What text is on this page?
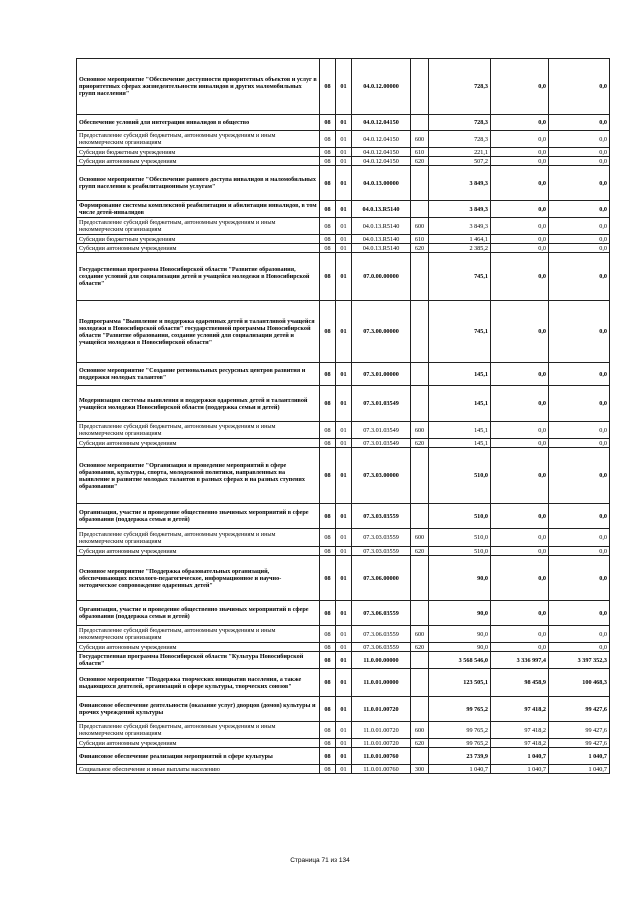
Основное мероприятие "Обеспечение доступности приоритетных объектов и услуг в приоритетных сферах жизнедеятельности инвалидов и других маломобильных групп населения"	08	01	04.0.12.00000		728,3	0,0	0,0
Обеспечение условий для интеграции инвалидов в общество	08	01	04.0.12.04150		728,3	0,0	0,0
Предоставление субсидий бюджетным, автономным учреждениям и иным некоммерческим организациям	08	01	04.0.12.04150	600	728,3	0,0	0,0
Субсидии бюджетным учреждениям	08	01	04.0.12.04150	610	221,1	0,0	0,0
Субсидии автономным учреждениям	08	01	04.0.12.04150	620	507,2	0,0	0,0
Основное мероприятие "Обеспечение равного доступа инвалидов и маломобильных групп населения к реабилитационным услугам"	08	01	04.0.13.00000		3 849,3	0,0	0,0
Формирование системы комплексной реабилитации и абилитации инвалидов, в том числе детей-инвалидов	08	01	04.0.13.R5140		3 849,3	0,0	0,0
Предоставление субсидий бюджетным, автономным учреждениям и иным некоммерческим организациям	08	01	04.0.13.R5140	600	3 849,3	0,0	0,0
Субсидии бюджетным учреждениям	08	01	04.0.13.R5140	610	1 464,1	0,0	0,0
Субсидии автономным учреждениям	08	01	04.0.13.R5140	620	2 385,2	0,0	0,0
Государственная программа Новосибирской области "Развитие образования, создание условий для социализации детей и учащейся молодежи в Новосибирской области"	08	01	07.0.00.00000		745,1	0,0	0,0
Подпрограмма "Выявление и поддержка одаренных детей и талантливой учащейся молодежи в Новосибирской области" государственной программы Новосибирской области "Развитие образования, создание условий для социализации детей и учащейся молодежи в Новосибирской области"	08	01	07.3.00.00000		745,1	0,0	0,0
Основное мероприятие "Создание региональных ресурсных центров развития и поддержки молодых талантов"	08	01	07.3.01.00000		145,1	0,0	0,0
Модернизация системы выявления и поддержки одаренных детей и талантливой учащейся молодежи Новосибирской области (поддержка семьи и детей)	08	01	07.3.01.03549		145,1	0,0	0,0
Предоставление субсидий бюджетным, автономным учреждениям и иным некоммерческим организациям	08	01	07.3.01.03549	600	145,1	0,0	0,0
Субсидии автономным учреждениям	08	01	07.3.01.03549	620	145,1	0,0	0,0
Основное мероприятие "Организация и проведение мероприятий в сфере образования, культуры, спорта, молодежной политики, направленных на выявление и развитие молодых талантов в разных сферах и на разных ступенях образования"	08	01	07.3.03.00000		510,0	0,0	0,0
Организация, участие и проведение общественно значимых мероприятий в сфере образования (поддержка семьи и детей)	08	01	07.3.03.03559		510,0	0,0	0,0
Предоставление субсидий бюджетным, автономным учреждениям и иным некоммерческим организациям	08	01	07.3.03.03559	600	510,0	0,0	0,0
Субсидии автономным учреждениям	08	01	07.3.03.03559	620	510,0	0,0	0,0
Основное мероприятие "Поддержка образовательных организаций, обеспечивающих психолого-педагогическое, информационное и научно-методическое сопровождение одаренных детей"	08	01	07.3.06.00000		90,0	0,0	0,0
Организация, участие и проведение общественно значимых мероприятий в сфере образования (поддержка семьи и детей)	08	01	07.3.06.03559		90,0	0,0	0,0
Предоставление субсидий бюджетным, автономным учреждениям и иным некоммерческим организациям	08	01	07.3.06.03559	600	90,0	0,0	0,0
Субсидии автономным учреждениям	08	01	07.3.06.03559	620	90,0	0,0	0,0
Государственная программа Новосибирской области "Культура Новосибирской области"	08	01	11.0.00.00000		3 568 546,0	3 336 997,4	3 397 352,3
Основное мероприятие "Поддержка творческих инициатив населения, а также выдающихся деятелей, организаций в сфере культуры, творческих союзов"	08	01	11.0.01.00000		123 505,1	98 458,9	100 468,3
Финансовое обеспечение деятельности (оказание услуг) дворцов (домов) культуры и прочих учреждений культуры	08	01	11.0.01.00720		99 765,2	97 418,2	99 427,6
Предоставление субсидий бюджетным, автономным учреждениям и иным некоммерческим организациям	08	01	11.0.01.00720	600	99 765,2	97 418,2	99 427,6
Субсидии автономным учреждениям	08	01	11.0.01.00720	620	99 765,2	97 418,2	99 427,6
Финансовое обеспечение реализации мероприятий в сфере культуры	08	01	11.0.01.00760		23 739,9	1 040,7	1 040,7
Социальное обеспечение и иные выплаты населению	08	01	11.0.01.00760	300	1 040,7	1 040,7	1 040,7
Страница 71 из 134
